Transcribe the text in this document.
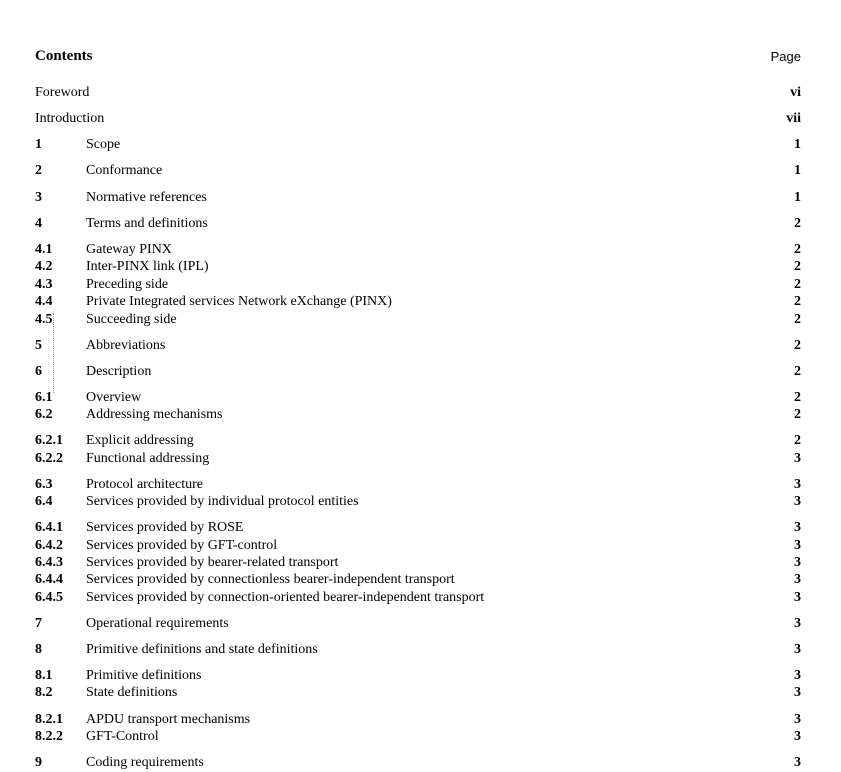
Contents	Page
Foreword	vi
Introduction	vii
1	Scope	1
2	Conformance	1
3	Normative references	1
4	Terms and definitions	2
4.1 Gateway PINX	2
4.2 Inter-PINX link (IPL)	2
4.3 Preceding side	2
4.4 Private Integrated services Network eXchange (PINX)	2
4.5 Succeeding side	2
5	Abbreviations	2
6	Description	2
6.1 Overview	2
6.2 Addressing mechanisms	2
6.2.1 Explicit addressing	2
6.2.2 Functional addressing	3
6.3 Protocol architecture	3
6.4 Services provided by individual protocol entities	3
6.4.1 Services provided by ROSE	3
6.4.2 Services provided by GFT-control	3
6.4.3 Services provided by bearer-related transport	3
6.4.4 Services provided by connectionless bearer-independent transport	3
6.4.5 Services provided by connection-oriented bearer-independent transport	3
7	Operational requirements	3
8	Primitive definitions and state definitions	3
8.1 Primitive definitions	3
8.2 State definitions	3
8.2.1 APDU transport mechanisms	3
8.2.2 GFT-Control	3
9	Coding requirements	3
